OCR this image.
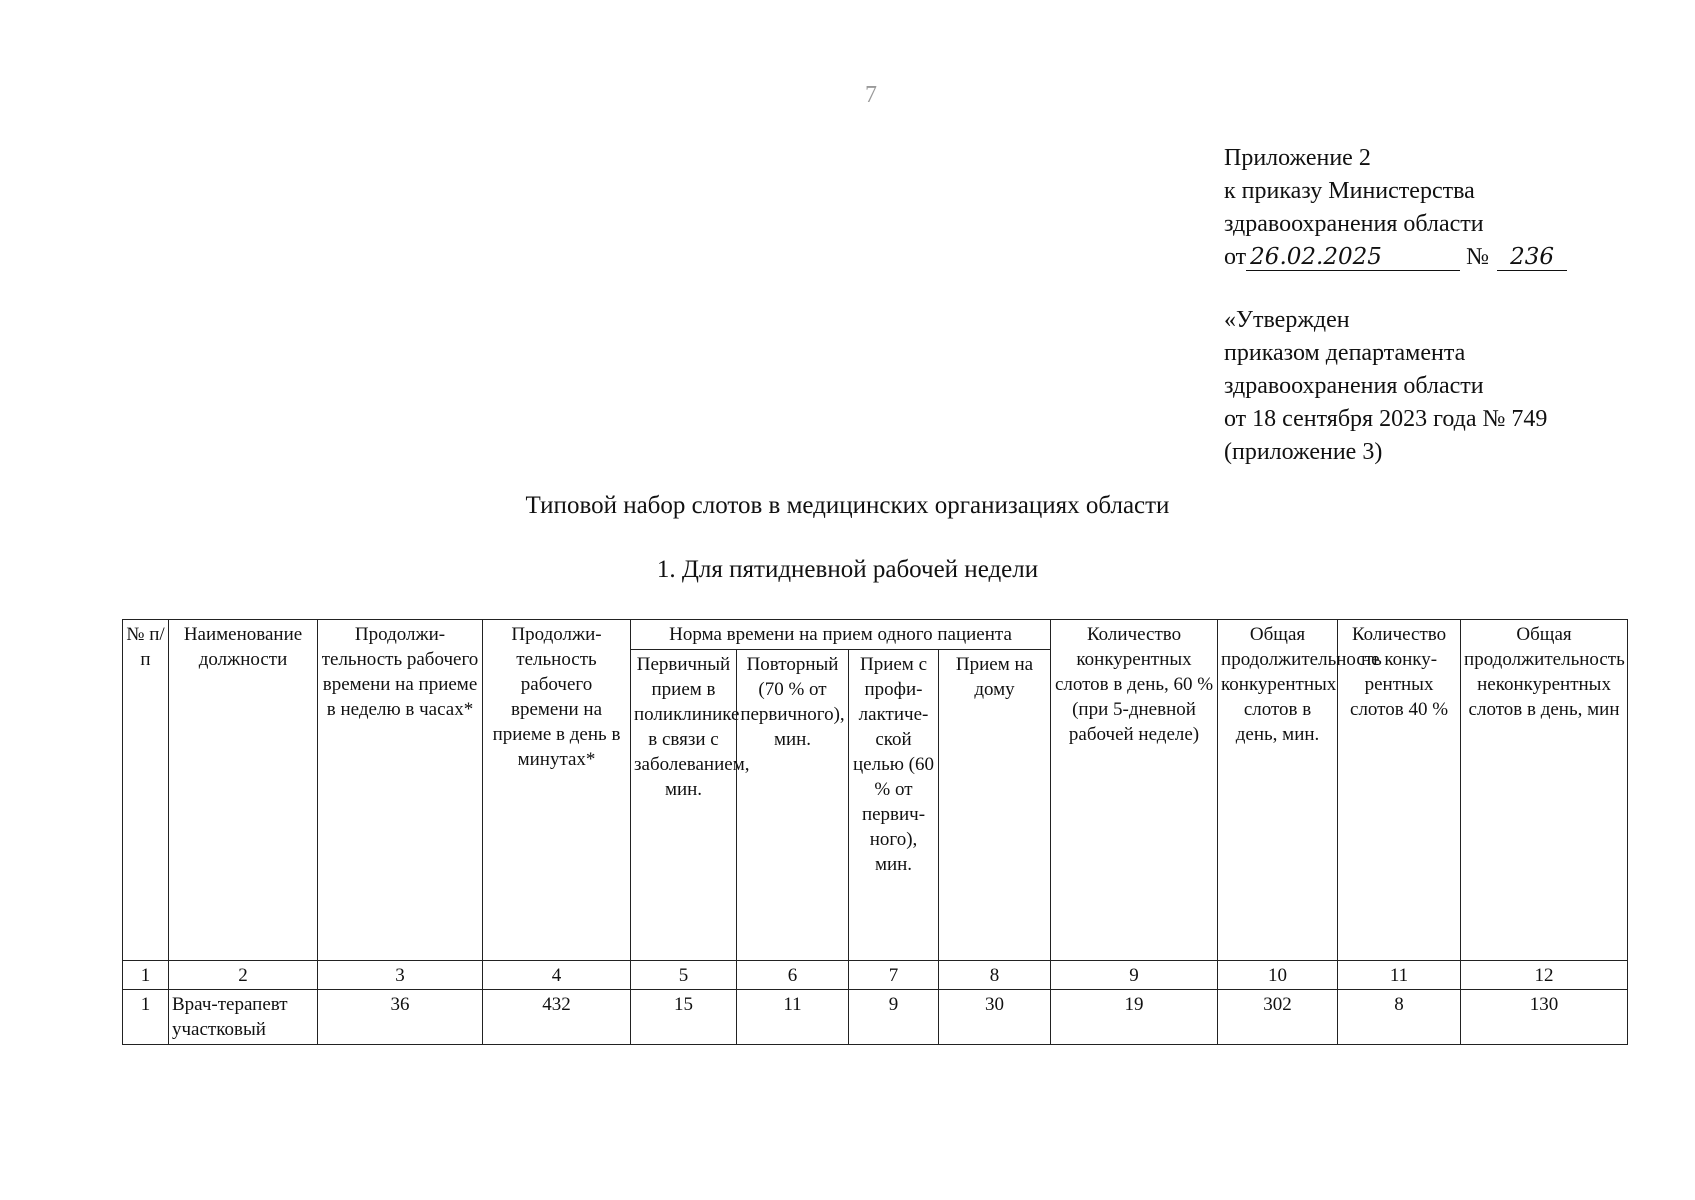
7
Приложение 2
к приказу Министерства
здравоохранения области
от 26.02.2025	№ 236
«Утвержден
приказом департамента
здравоохранения области
от 18 сентября 2023 года № 749
(приложение 3)
Типовой набор слотов в медицинских организациях области
1. Для пятидневной рабочей недели
№ п/п	Наименование должности	Продолжи-тельность рабочего времени на приеме в неделю в часах*	Продолжи-тельность рабочего времени на приеме в день в минутах*	Норма времени на прием одного пациента				Количество конкурентных слотов в день, 60 % (при 5-дневной рабочей неделе)	Общая продолжительность конкурентных слотов в день, мин.	Количество не конку-рентных слотов 40 %	Общая продолжительность неконкурентных слотов в день, мин
				Первичный прием в поликлинике в связи с заболеванием, мин.	Повторный (70 % от первичного), мин.	Прием с профи-лактиче-ской целью (60 % от первич-ного), мин.	Прием на дому				
1	2	3	4	5	6	7	8	9	10	11	12
1	Врач-терапевт участковый	36	432	15	11	9	30	19	302	8	130
